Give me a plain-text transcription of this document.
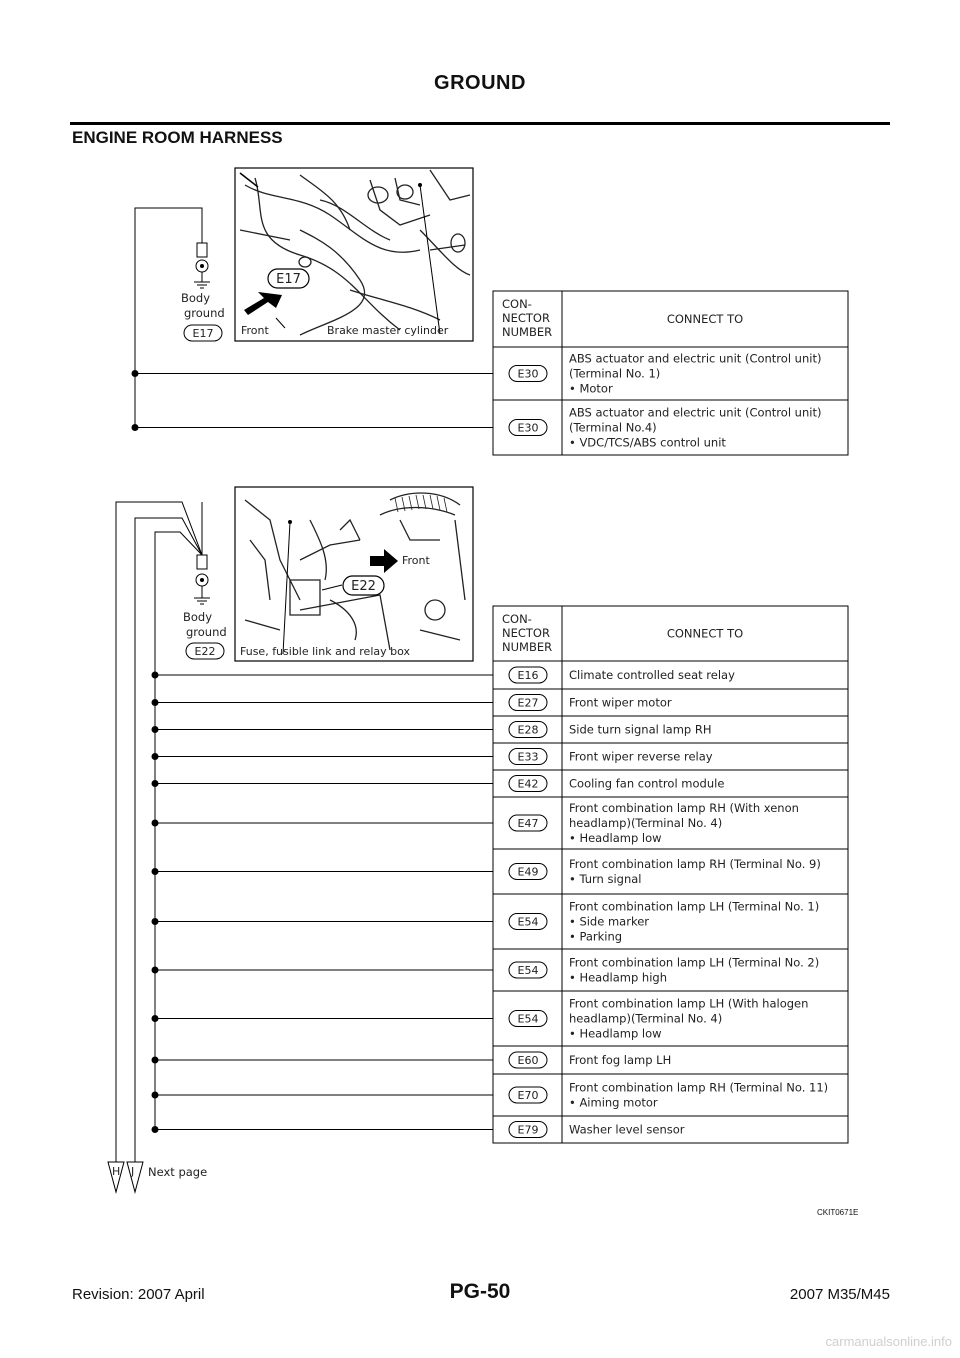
GROUND
ENGINE ROOM HARNESS
E17
Front	Brake master cylinder
Body
ground
E17
CON-
NECTOR
NUMBER
CONNECT TO
E30
ABS actuator and electric unit (Control unit)
(Terminal No. 1)
• Motor
E30
ABS actuator and electric unit (Control unit)
(Terminal No.4)
• VDC/TCS/ABS control unit
Front
E22
Fuse, fusible link and relay box
Body
ground
E22
CON-
NECTOR
NUMBER
CONNECT TO
E16	Climate controlled seat relay
E27	Front wiper motor
E28	Side turn signal lamp RH
E33	Front wiper reverse relay
E42	Cooling fan control module
E47
Front combination lamp RH (With xenon
headlamp)(Terminal No. 4)
• Headlamp low
E49
Front combination lamp RH (Terminal No. 9)
• Turn signal
E54
Front combination lamp LH (Terminal No. 1)
• Side marker
• Parking
E54
Front combination lamp LH (Terminal No. 2)
• Headlamp high
E54
Front combination lamp LH (With halogen
headlamp)(Terminal No. 4)
• Headlamp low
E60	Front fog lamp LH
E70
Front combination lamp RH (Terminal No. 11)
• Aiming motor
E79	Washer level sensor
H J Next page
CKIT0671E
Revision: 2007 April	PG-50	2007 M35/M45
carmanualsonline.info
